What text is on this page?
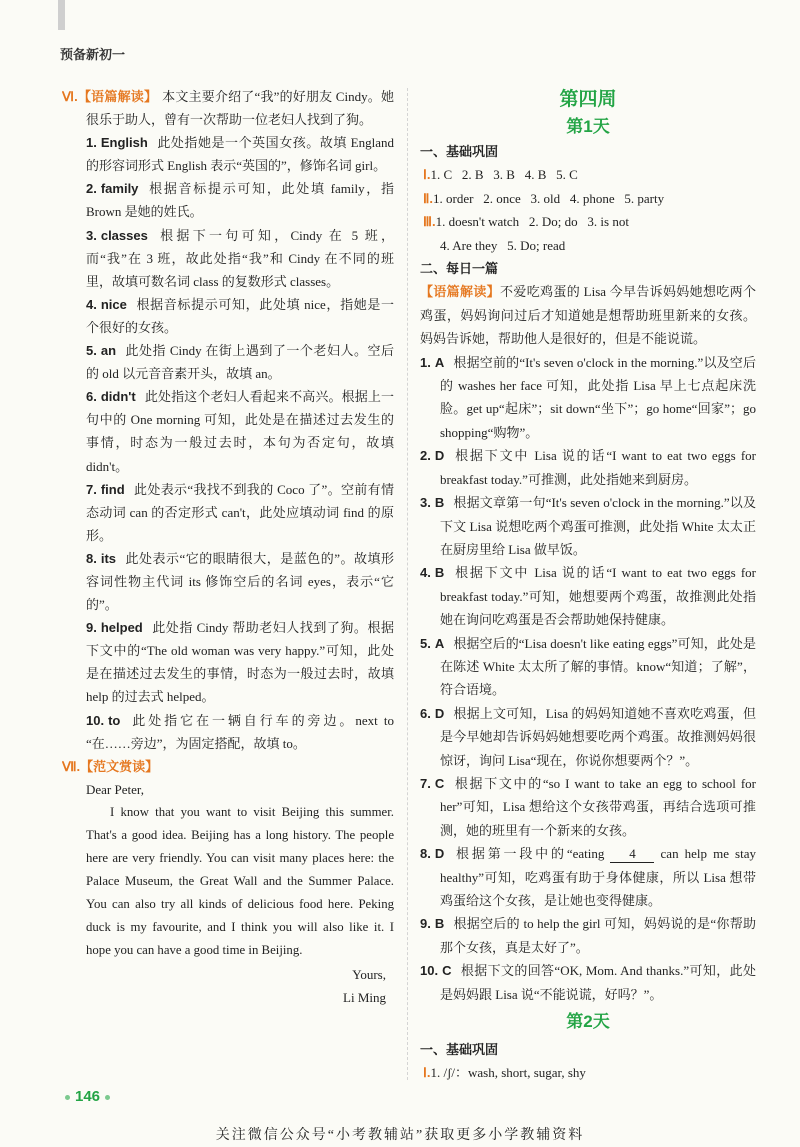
预备新初一

Ⅵ.【语篇解读】 本文主要介绍了“我”的好朋友 Cindy。她很乐于助人，曾有一次帮助一位老妇人找到了狗。

1. English 此处指她是一个英国女孩。故填 England 的形容词形式 English 表示“英国的”，修饰名词 girl。

2. family 根据音标提示可知，此处填 family，指 Brown 是她的姓氏。

3. classes 根据下一句可知，Cindy 在 5 班，而“我”在 3 班，故此处指“我”和 Cindy 在不同的班里，故填可数名词 class 的复数形式 classes。

4. nice 根据音标提示可知，此处填 nice，指她是一个很好的女孩。

5. an 此处指 Cindy 在街上遇到了一个老妇人。空后的 old 以元音音素开头，故填 an。

6. didn't 此处指这个老妇人看起来不高兴。根据上一句中的 One morning 可知，此处是在描述过去发生的事情，时态为一般过去时，本句为否定句，故填 didn't。

7. find 此处表示“我找不到我的 Coco 了”。空前有情态动词 can 的否定形式 can't，此处应填动词 find 的原形。

8. its 此处表示“它的眼睛很大，是蓝色的”。故填形容词性物主代词 its 修饰空后的名词 eyes，表示“它的”。

9. helped 此处指 Cindy 帮助老妇人找到了狗。根据下文中的“The old woman was very happy.”可知，此处是在描述过去发生的事情，时态为一般过去时，故填 help 的过去式 helped。

10. to 此处指它在一辆自行车的旁边。next to “在……旁边”，为固定搭配，故填 to。

Ⅶ.【范文赏读】

Dear Peter,

I know that you want to visit Beijing this summer. That's a good idea. Beijing has a long history. The people here are very friendly. You can visit many places here: the Palace Museum, the Great Wall and the Summer Palace. You can also try all kinds of delicious food here. Peking duck is my favourite, and I think you will also like it. I hope you can have a good time in Beijing.

Yours,

Li Ming

第四周
第1天

一、基础巩固

Ⅰ.1. C   2. B   3. B   4. B   5. C

Ⅱ.1. order   2. once   3. old   4. phone   5. party

Ⅲ.1. doesn't watch   2. Do; do   3. is not

4. Are they   5. Do; read

二、每日一篇

【语篇解读】不爱吃鸡蛋的 Lisa 今早告诉妈妈她想吃两个鸡蛋，妈妈询问过后才知道她是想帮助班里新来的女孩。妈妈告诉她，帮助他人是很好的，但是不能说谎。

1. A 根据空前的“It's seven o'clock in the morning.”以及空后的 washes her face 可知，此处指 Lisa 早上七点起床洗脸。get up“起床”；sit down“坐下”；go home“回家”；go shopping“购物”。

2. D 根据下文中 Lisa 说的话“I want to eat two eggs for breakfast today.”可推测，此处指她来到厨房。

3. B 根据文章第一句“It's seven o'clock in the morning.”以及下文 Lisa 说想吃两个鸡蛋可推测，此处指 White 太太正在厨房里给 Lisa 做早饭。

4. B 根据下文中 Lisa 说的话“I want to eat two eggs for breakfast today.”可知，她想要两个鸡蛋，故推测此处指她在询问吃鸡蛋是否会帮助她保持健康。

5. A 根据空后的“Lisa doesn't like eating eggs”可知，此处是在陈述 White 太太所了解的事情。know“知道；了解”，符合语境。

6. D 根据上文可知，Lisa 的妈妈知道她不喜欢吃鸡蛋，但是今早她却告诉妈妈她想要吃两个鸡蛋。故推测妈妈很惊讶，询问 Lisa“现在，你说你想要两个？”。

7. C 根据下文中的“so I want to take an egg to school for her”可知，Lisa 想给这个女孩带鸡蛋，再结合选项可推测，她的班里有一个新来的女孩。

8. D 根据第一段中的“eating 4 can help me stay healthy”可知，吃鸡蛋有助于身体健康，所以 Lisa 想带鸡蛋给这个女孩，是让她也变得健康。

9. B 根据空后的 to help the girl 可知，妈妈说的是“你帮助那个女孩，真是太好了”。

10. C 根据下文的回答“OK, Mom. And thanks.”可知，此处是妈妈跟 Lisa 说“不能说谎，好吗？”。

第2天

一、基础巩固

Ⅰ.1. /ʃ/：wash, short, sugar, shy

146
关注微信公众号“小考教辅站”获取更多小学教辅资料
